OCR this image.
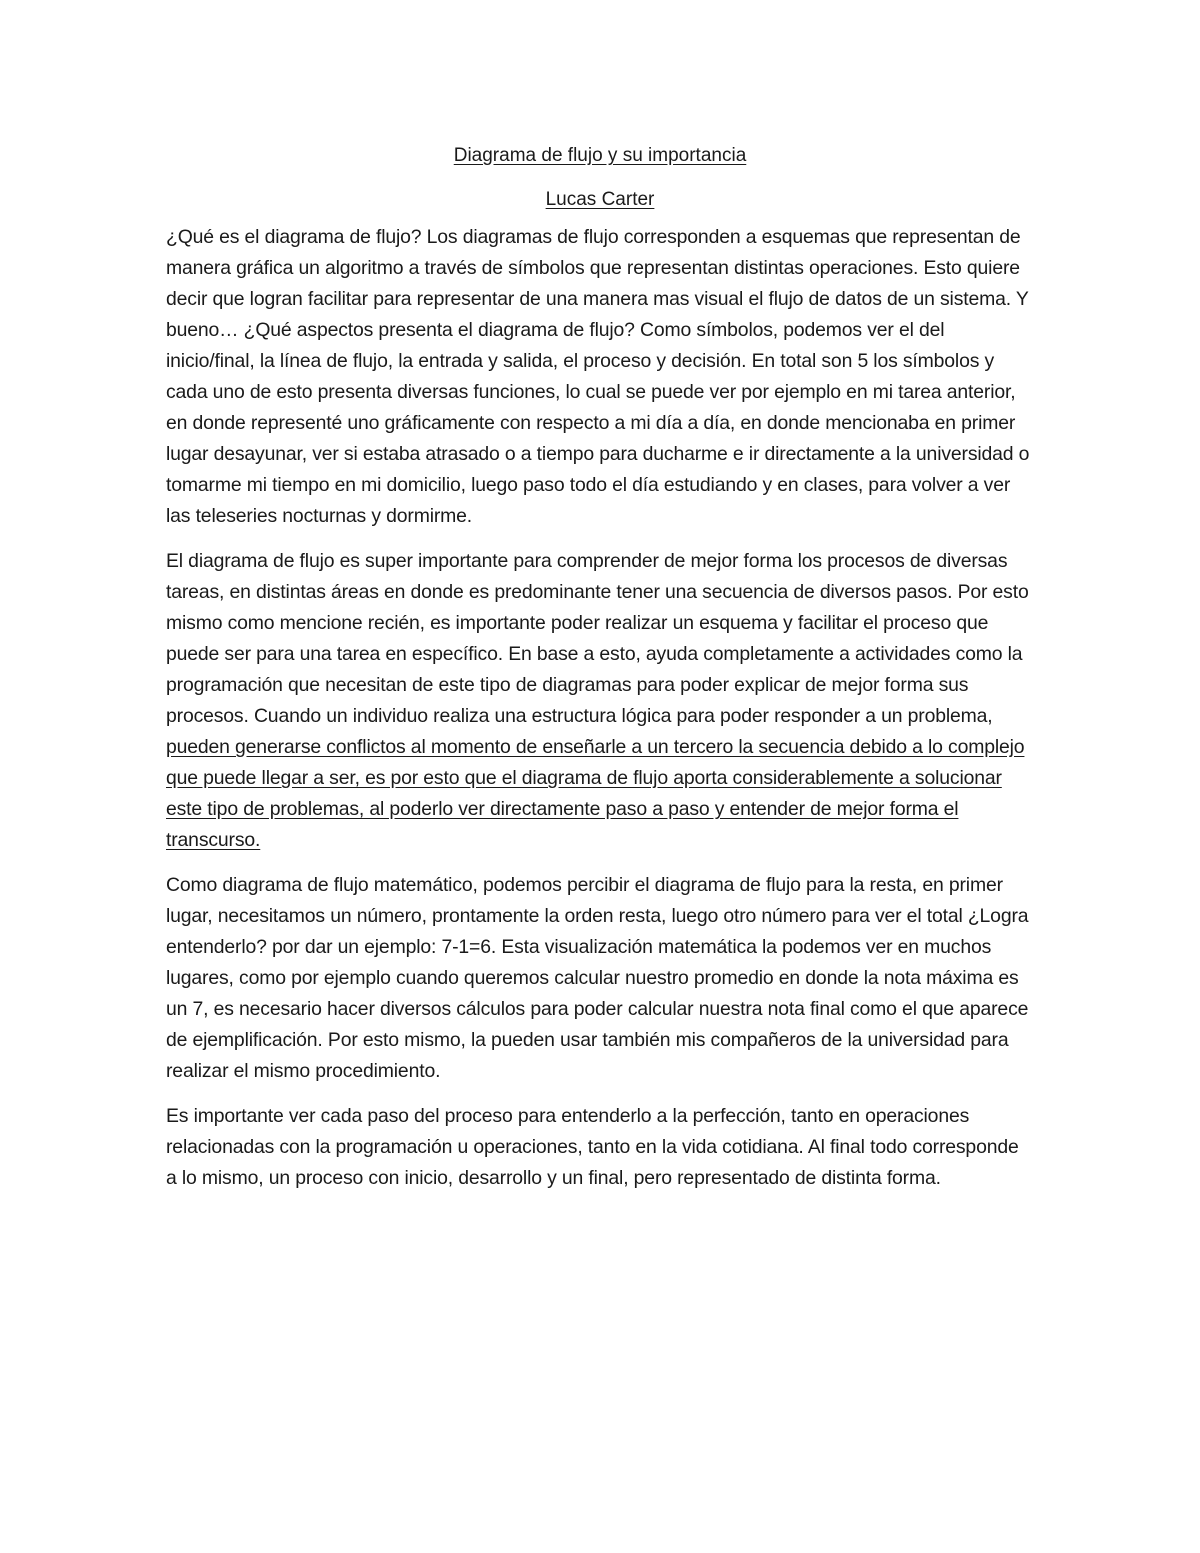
Diagrama de flujo y su importancia
Lucas Carter

¿Qué es el diagrama de flujo? Los diagramas de flujo corresponden a esquemas que representan de manera gráfica un algoritmo a través de símbolos que representan distintas operaciones. Esto quiere decir que logran facilitar para representar de una manera mas visual el flujo de datos de un sistema. Y bueno… ¿Qué aspectos presenta el diagrama de flujo? Como símbolos, podemos ver el del inicio/final, la línea de flujo, la entrada y salida, el proceso y decisión. En total son 5 los símbolos y cada uno de esto presenta diversas funciones, lo cual se puede ver por ejemplo en mi tarea anterior, en donde representé uno gráficamente con respecto a mi día a día, en donde mencionaba en primer lugar desayunar, ver si estaba atrasado o a tiempo para ducharme e ir directamente a la universidad o tomarme mi tiempo en mi domicilio, luego paso todo el día estudiando y en clases, para volver a ver las teleseries nocturnas y dormirme.

El diagrama de flujo es super importante para comprender de mejor forma los procesos de diversas tareas, en distintas áreas en donde es predominante tener una secuencia de diversos pasos. Por esto mismo como mencione recién, es importante poder realizar un esquema y facilitar el proceso que puede ser para una tarea en específico. En base a esto, ayuda completamente a actividades como la programación que necesitan de este tipo de diagramas para poder explicar de mejor forma sus procesos. Cuando un individuo realiza una estructura lógica para poder responder a un problema, pueden generarse conflictos al momento de enseñarle a un tercero la secuencia debido a lo complejo que puede llegar a ser, es por esto que el diagrama de flujo aporta considerablemente a solucionar este tipo de problemas, al poderlo ver directamente paso a paso y entender de mejor forma el transcurso.

Como diagrama de flujo matemático, podemos percibir el diagrama de flujo para la resta, en primer lugar, necesitamos un número, prontamente la orden resta, luego otro número para ver el total ¿Logra entenderlo? por dar un ejemplo: 7-1=6. Esta visualización matemática la podemos ver en muchos lugares, como por ejemplo cuando queremos calcular nuestro promedio en donde la nota máxima es un 7, es necesario hacer diversos cálculos para poder calcular nuestra nota final como el que aparece de ejemplificación. Por esto mismo, la pueden usar también mis compañeros de la universidad para realizar el mismo procedimiento.

Es importante ver cada paso del proceso para entenderlo a la perfección, tanto en operaciones relacionadas con la programación u operaciones, tanto en la vida cotidiana. Al final todo corresponde a lo mismo, un proceso con inicio, desarrollo y un final, pero representado de distinta forma.
